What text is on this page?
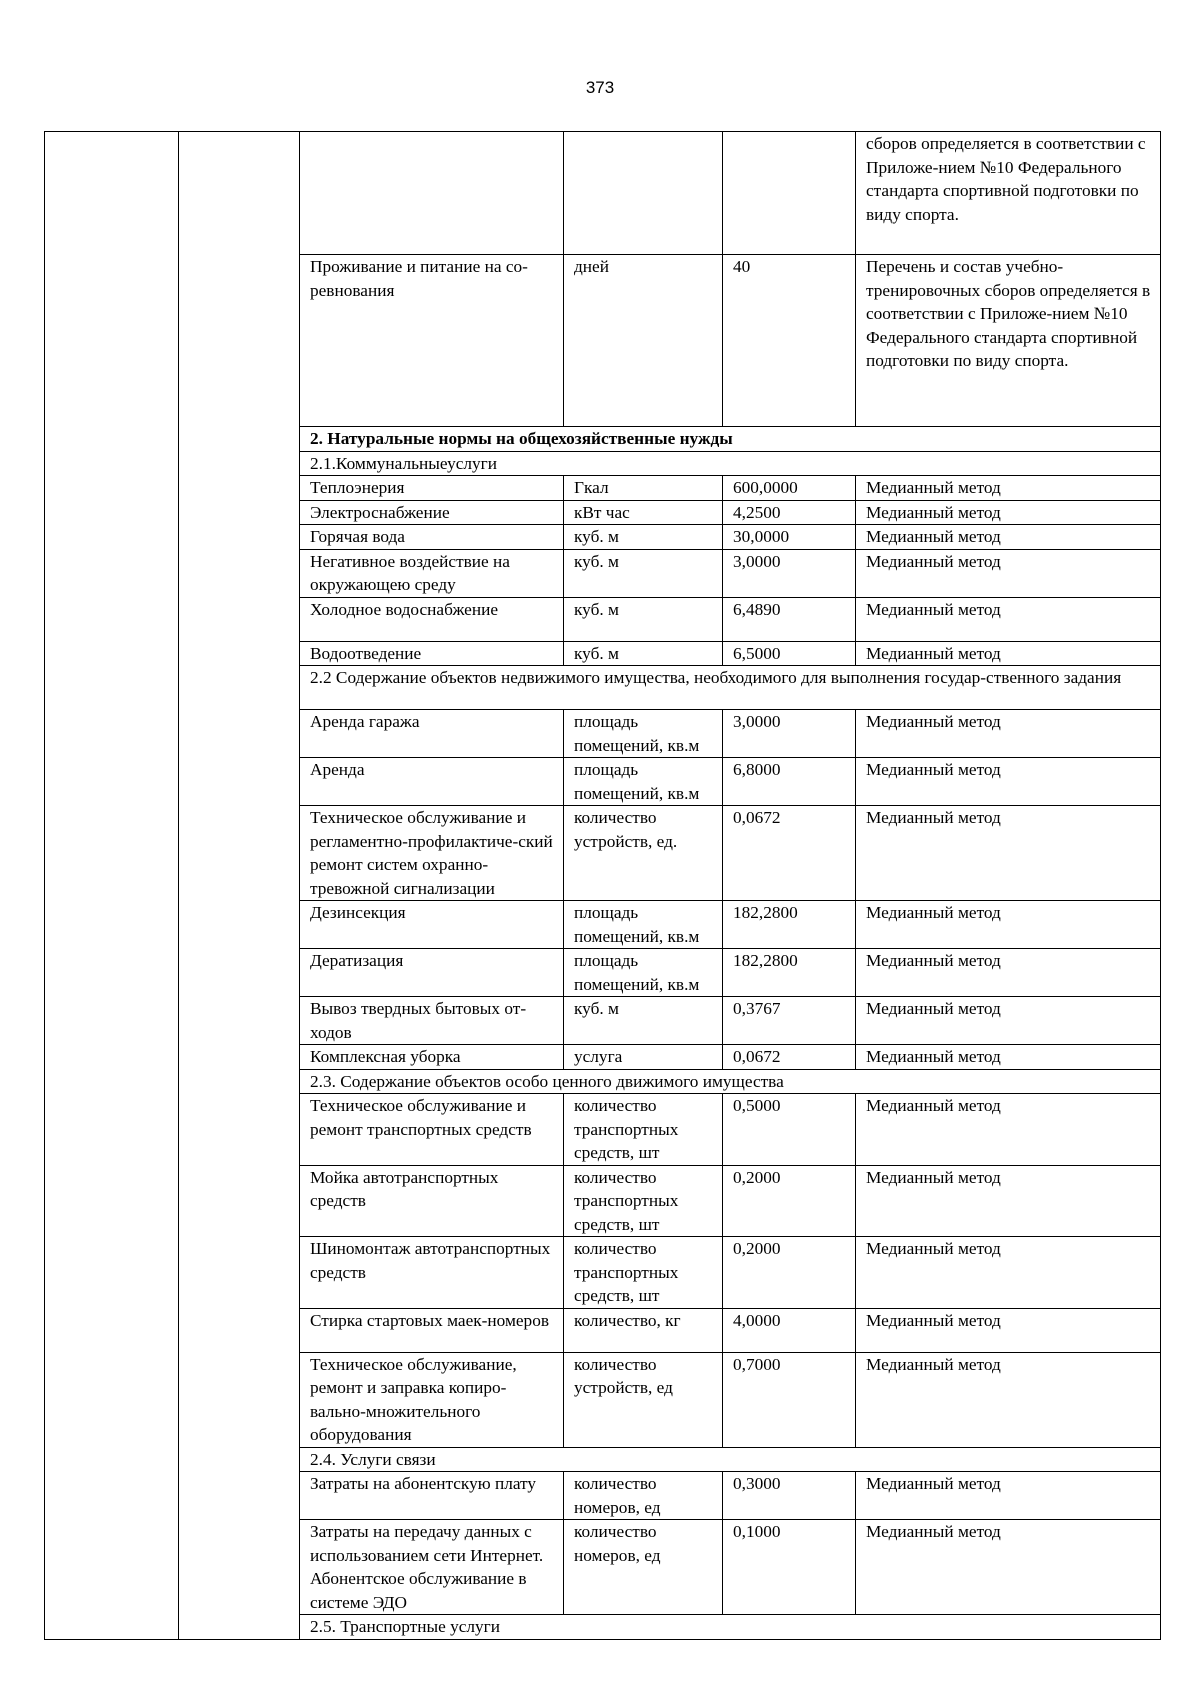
373
					сборов определяется в соответствии с Приложе-нием №10 Федерального стандарта спортивной подготовки по виду спорта.
		Проживание и питание на со-ревнования	дней	40	Перечень и состав учебно-тренировочных сборов определяется в соответствии с Приложе-нием №10 Федерального стандарта спортивной подготовки по виду спорта.
		2. Натуральные нормы на общехозяйственные нужды			
		2.1.Коммунальныеуслуги			
		Теплоэнерия	Гкал	600,0000	Медианный метод
		Электроснабжение	кВт час	4,2500	Медианный метод
		Горячая вода	куб. м	30,0000	Медианный метод
		Негативное воздействие на окружающею среду	куб. м	3,0000	Медианный метод
		Холодное водоснабжение	куб. м	6,4890	Медианный метод
		Водоотведение	куб. м	6,5000	Медианный метод
		2.2 Содержание объектов недвижимого имущества, необходимого для выполнения государ-ственного задания			
		Аренда гаража	площадь помещений, кв.м	3,0000	Медианный метод
		Аренда	площадь помещений, кв.м	6,8000	Медианный метод
		Техническое обслуживание и регламентно-профилактиче-ский ремонт систем охранно-тревожной сигнализации	количество устройств, ед.	0,0672	Медианный метод
		Дезинсекция	площадь помещений, кв.м	182,2800	Медианный метод
		Дератизация	площадь помещений, кв.м	182,2800	Медианный метод
		Вывоз твердных бытовых от-ходов	куб. м	0,3767	Медианный метод
		Комплексная уборка	услуга	0,0672	Медианный метод
		2.3. Содержание объектов особо ценного движимого имущества			
		Техническое обслуживание и ремонт транспортных средств	количество транспортных средств, шт	0,5000	Медианный метод
		Мойка автотранспортных средств	количество транспортных средств, шт	0,2000	Медианный метод
		Шиномонтаж автотранспортных средств	количество транспортных средств, шт	0,2000	Медианный метод
		Стирка стартовых маек-номеров	количество, кг	4,0000	Медианный метод
		Техническое обслуживание, ремонт и заправка копиро-вально-множительного оборудования	количество устройств, ед	0,7000	Медианный метод
		2.4. Услуги связи			
		Затраты на абонентскую плату	количество номеров, ед	0,3000	Медианный метод
		Затраты на передачу данных с использованием сети Интернет. Абонентское обслуживание в системе ЭДО	количество номеров, ед	0,1000	Медианный метод
		2.5. Транспортные услуги			
